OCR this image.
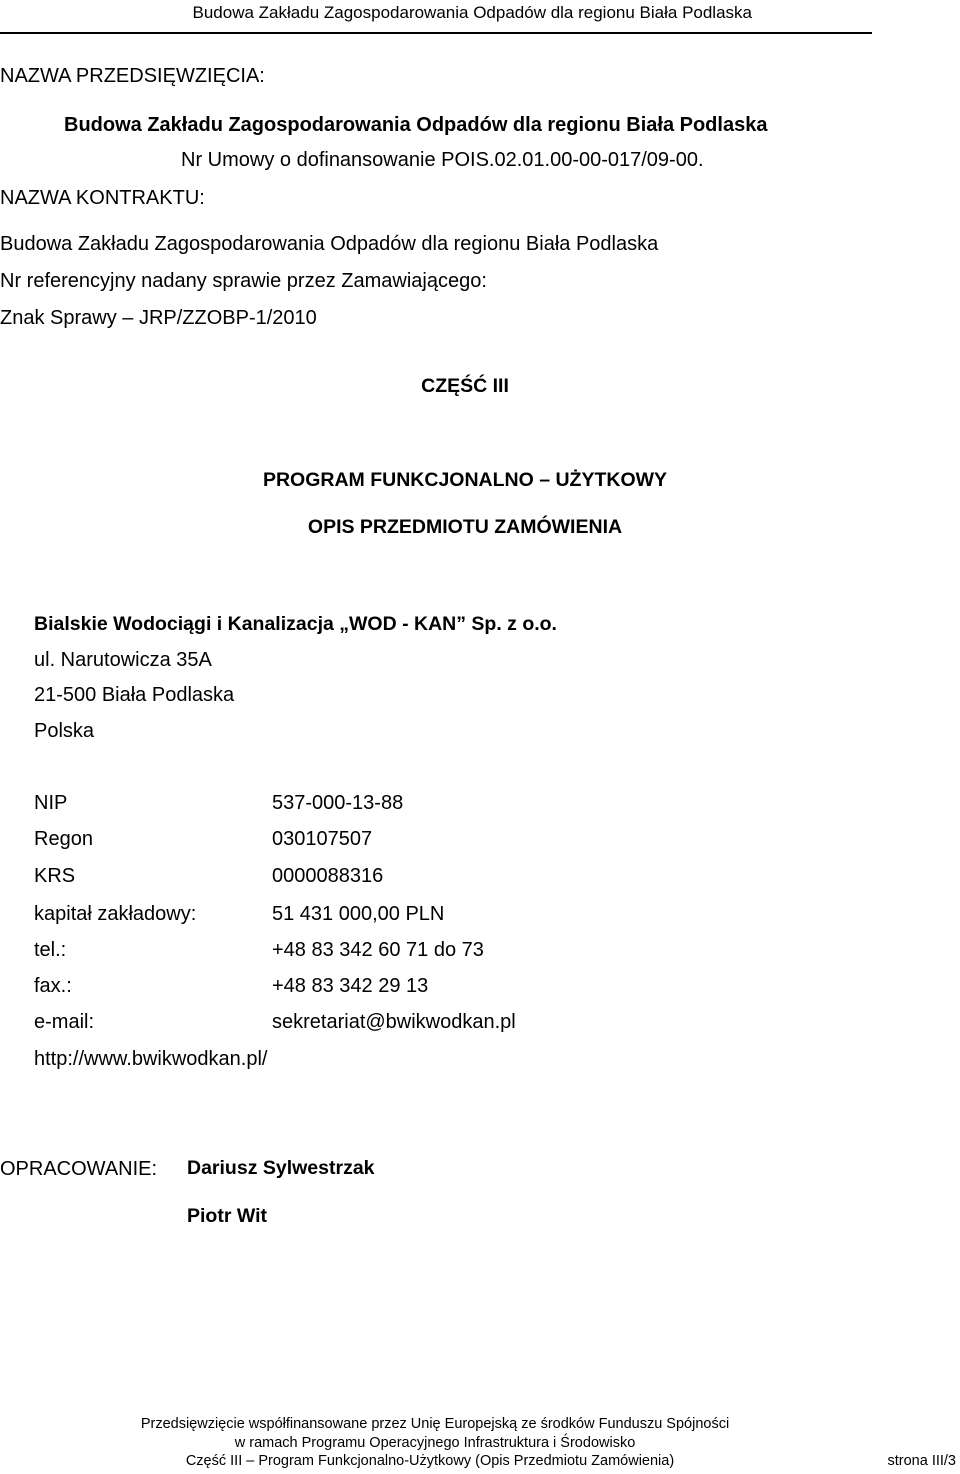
Budowa Zakładu Zagospodarowania Odpadów dla regionu Biała Podlaska
NAZWA PRZEDSIĘWZIĘCIA:
Budowa Zakładu Zagospodarowania Odpadów dla regionu Biała Podlaska
Nr Umowy o dofinansowanie POIS.02.01.00-00-017/09-00.
NAZWA KONTRAKTU:
Budowa Zakładu Zagospodarowania Odpadów dla regionu Biała Podlaska
Nr referencyjny nadany sprawie przez Zamawiającego:
Znak Sprawy – JRP/ZZOBP-1/2010
CZĘŚĆ III
PROGRAM FUNKCJONALNO – UŻYTKOWY
OPIS PRZEDMIOTU ZAMÓWIENIA
Bialskie Wodociągi i Kanalizacja „WOD - KAN” Sp. z o.o.
ul. Narutowicza 35A
21-500 Biała Podlaska
Polska
NIP	537-000-13-88
Regon	030107507
KRS	0000088316
kapitał zakładowy:	51 431 000,00 PLN
tel.:	+48 83 342 60 71 do 73
fax.:	+48 83 342 29 13
e-mail:	sekretariat@bwikwodkan.pl
http://www.bwikwodkan.pl/
OPRACOWANIE: Dariusz Sylwestrzak
Piotr Wit
Przedsięwzięcie współfinansowane przez Unię Europejską ze środków Funduszu Spójności
w ramach Programu Operacyjnego Infrastruktura i Środowisko
Część III – Program Funkcjonalno-Użytkowy (Opis Przedmiotu Zamówienia)	strona III/3
